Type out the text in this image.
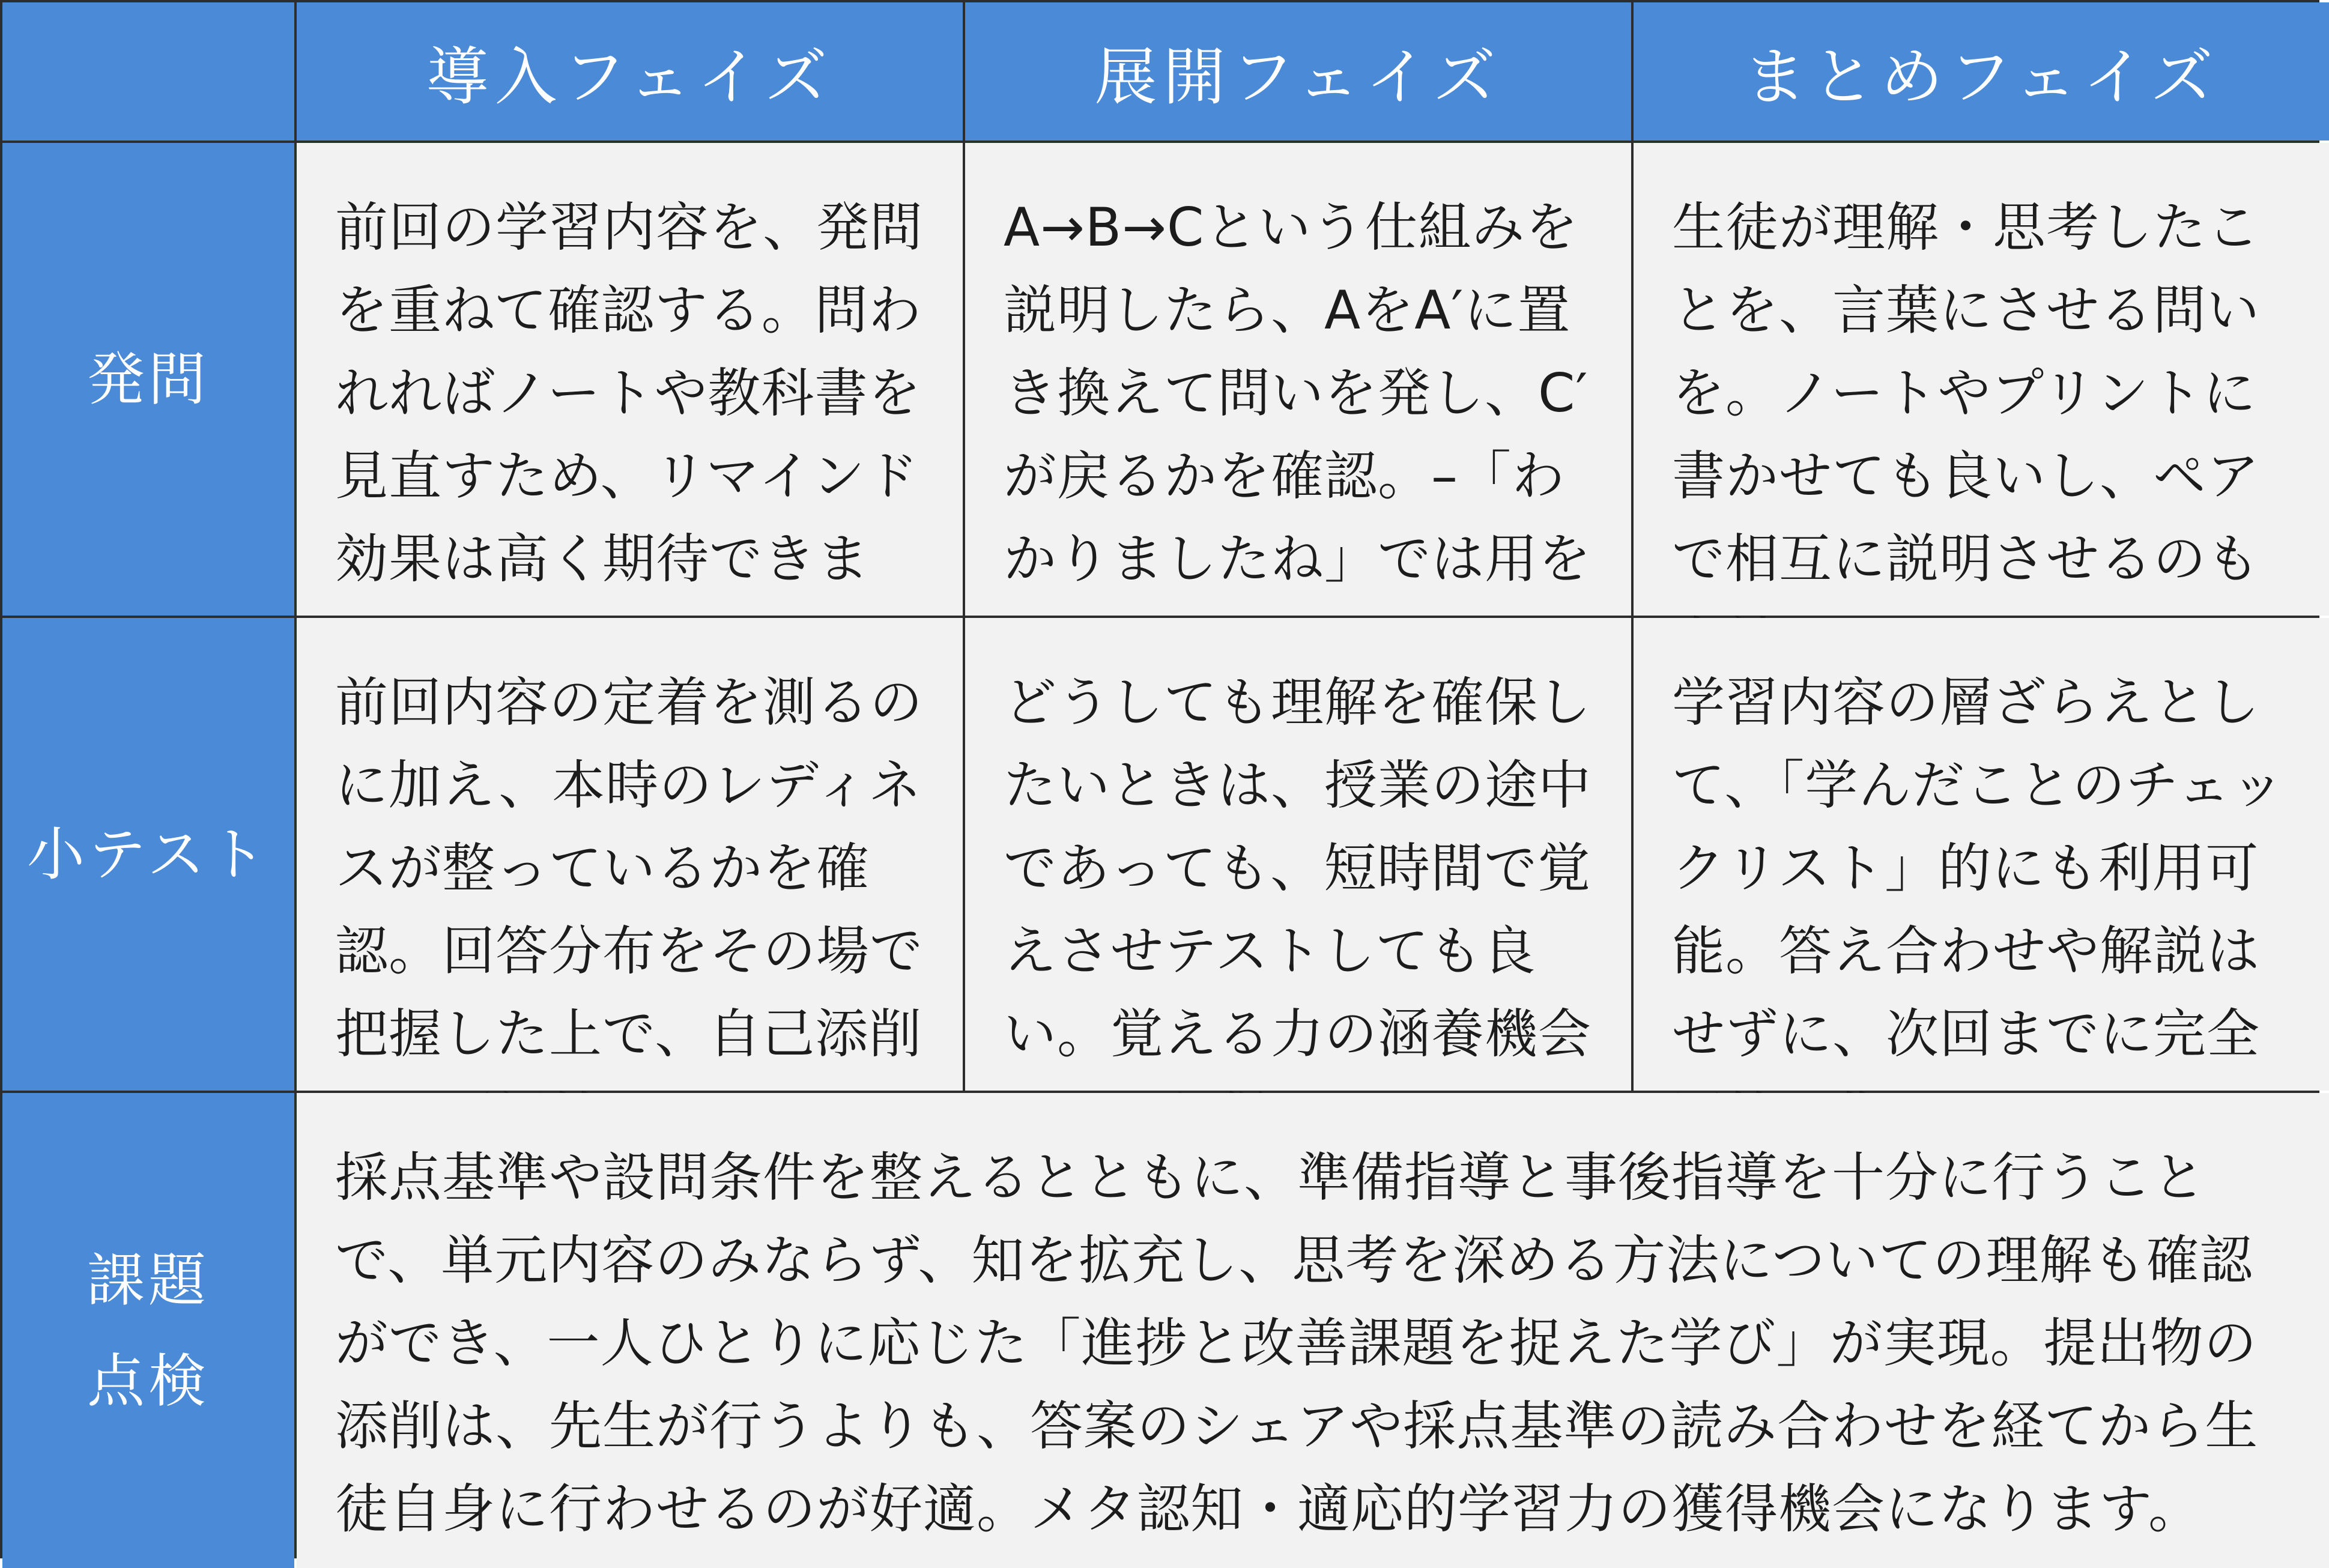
導入フェイズ	展開フェイズ	まとめフェイズ
発問
前回の学習内容を、発問を重ねて確認する。問われればノートや教科書を見直すため、リマインド効果は高く期待できま
A→B→Cという仕組みを説明したら、AをA′に置き換えて問いを発し、C′が戻るかを確認。–「わかりましたね」では用を
生徒が理解・思考したことを、言葉にさせる問いを。ノートやプリントに書かせても良いし、ペアで相互に説明させるのも
小テスト
前回内容の定着を測るのに加え、本時のレディネスが整っているかを確認。回答分布をその場で把握した上で、自己添削
どうしても理解を確保したいときは、授業の途中であっても、短時間で覚えさせテストしても良い。覚える力の涵養機会
学習内容の層ざらえとして、「学んだことのチェックリスト」的にも利用可能。答え合わせや解説はせずに、次回までに完全
課題
点検
採点基準や設問条件を整えるとともに、準備指導と事後指導を十分に行うことで、単元内容のみならず、知を拡充し、思考を深める方法についての理解も確認ができ、一人ひとりに応じた「進捗と改善課題を捉えた学び」が実現。提出物の添削は、先生が行うよりも、答案のシェアや採点基準の読み合わせを経てから生徒自身に行わせるのが好適。メタ認知・適応的学習力の獲得機会になります。
